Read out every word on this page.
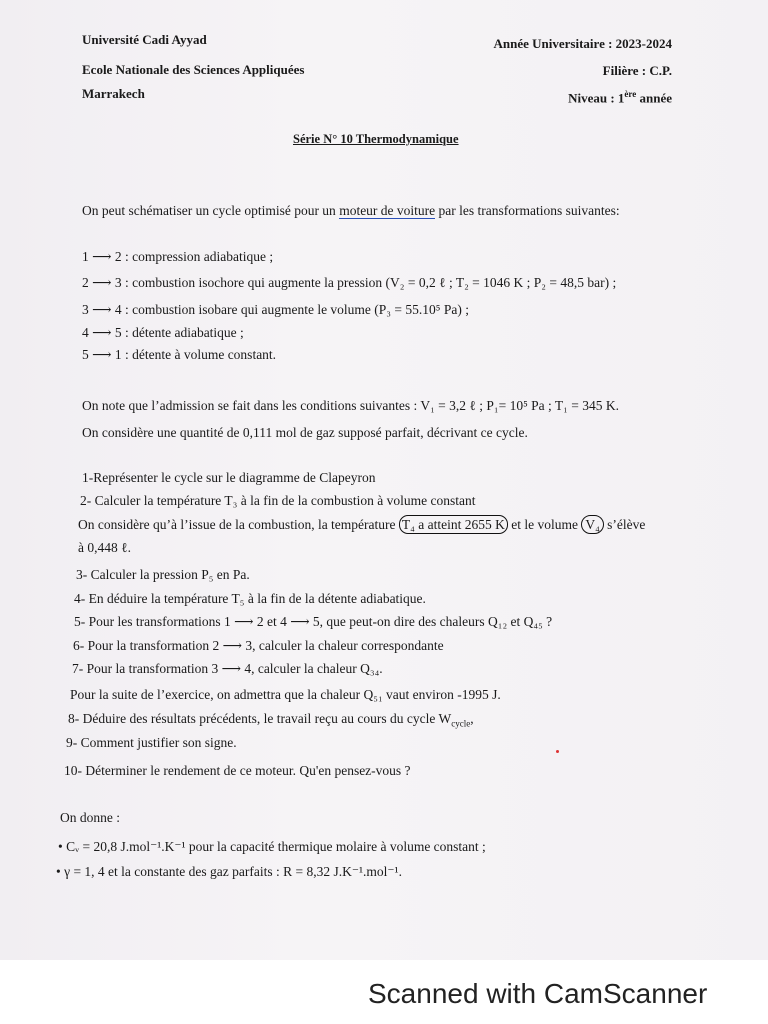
Université Cadi Ayyad
Ecole Nationale des Sciences Appliquées
Marrakech
Année Universitaire : 2023-2024
Filière : C.P.
Niveau : 1ère année
Série N° 10 Thermodynamique
On peut schématiser un cycle optimisé pour un moteur de voiture par les transformations suivantes:
1 ⟶ 2 : compression adiabatique ;
2 ⟶ 3 : combustion isochore qui augmente la pression (V₂ = 0,2 ℓ ; T₂ = 1046 K ; P₂ = 48,5 bar) ;
3 ⟶ 4 : combustion isobare qui augmente le volume (P₃ = 55.10⁵ Pa) ;
4 ⟶ 5 : détente adiabatique ;
5 ⟶ 1 : détente à volume constant.
On note que l’admission se fait dans les conditions suivantes : V₁ = 3,2 ℓ ; P₁= 10⁵ Pa ; T₁ = 345 K.
On considère une quantité de 0,111 mol de gaz supposé parfait, décrivant ce cycle.
1-Représenter le cycle sur le diagramme de Clapeyron
2- Calculer la température T₃ à la fin de la combustion à volume constant
On considère qu’à l’issue de la combustion, la température T₄ a atteint 2655 K et le volume V₄ s’élève
à 0,448 ℓ.
3- Calculer la pression P₅ en Pa.
4- En déduire la température T₅ à la fin de la détente adiabatique.
5- Pour les transformations 1 ⟶ 2 et 4 ⟶ 5, que peut-on dire des chaleurs Q₁₂ et Q₄₅ ?
6- Pour la transformation 2 ⟶ 3, calculer la chaleur correspondante
7- Pour la transformation 3 ⟶ 4, calculer la chaleur Q₃₄.
Pour la suite de l’exercice, on admettra que la chaleur Q₅₁ vaut environ -1995 J.
8- Déduire des résultats précédents, le travail reçu au cours du cycle $W_{cycle}$,
9- Comment justifier son signe.
10- Déterminer le rendement de ce moteur. Qu'en pensez-vous ?
On donne :
• Cᵥ = 20,8 J.mol⁻¹.K⁻¹ pour la capacité thermique molaire à volume constant ;
• γ = 1, 4 et la constante des gaz parfaits : R = 8,32 J.K⁻¹.mol⁻¹.
Scanned with CamScanner
